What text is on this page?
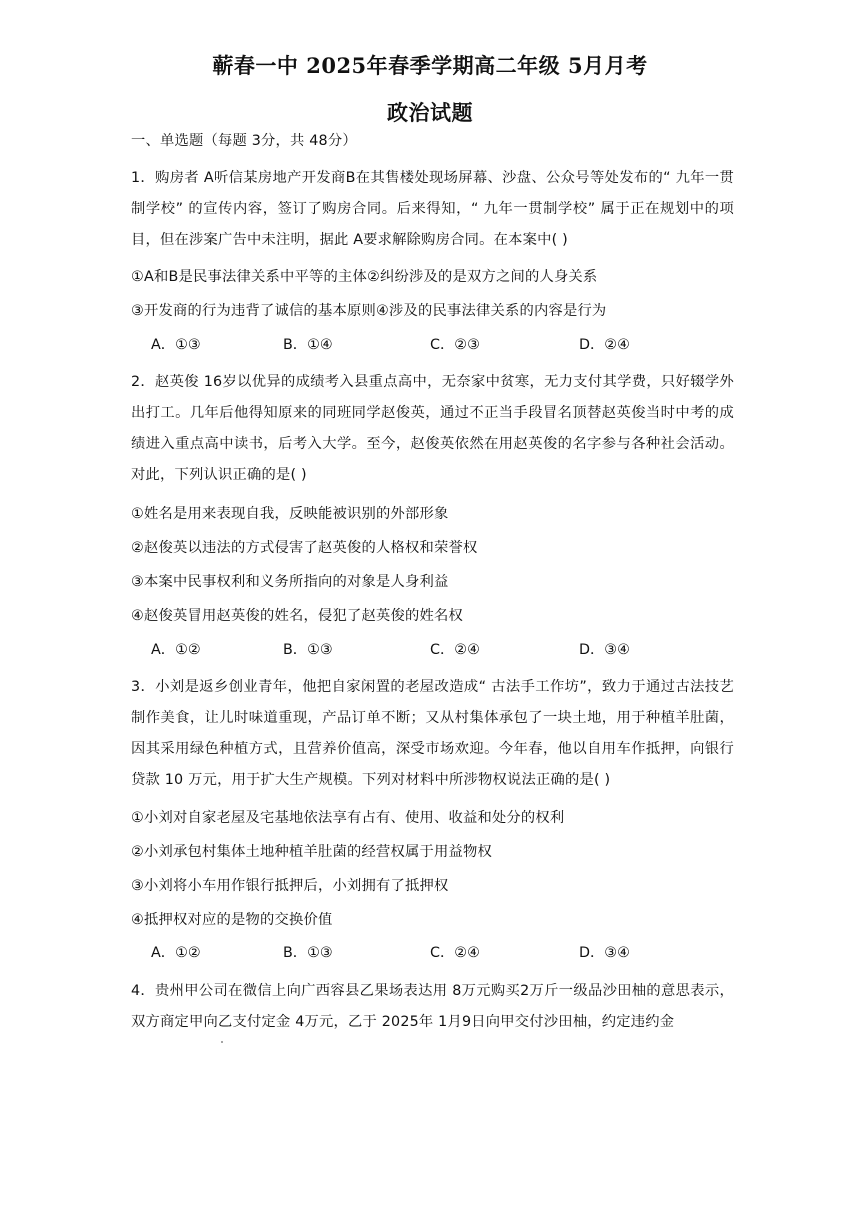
蕲春一中 2025年春季学期高二年级 5月月考
政治试题
一、单选题（每题 3分，共 48分）
1．购房者 A听信某房地产开发商B在其售楼处现场屏幕、沙盘、公众号等处发布的“ 九年一贯制学校” 的宣传内容，签订了购房合同。后来得知，“ 九年一贯制学校” 属于正在规划中的项目，但在涉案广告中未注明，据此 A要求解除购房合同。在本案中( )
①A和B是民事法律关系中平等的主体②纠纷涉及的是双方之间的人身关系
③开发商的行为违背了诚信的基本原则④涉及的民事法律关系的内容是行为
A．①③	B．①④	C．②③	D．②④
2．赵英俊 16岁以优异的成绩考入县重点高中，无奈家中贫寒，无力支付其学费，只好辍学外出打工。几年后他得知原来的同班同学赵俊英，通过不正当手段冒名顶替赵英俊当时中考的成绩进入重点高中读书，后考入大学。至今，赵俊英依然在用赵英俊的名字参与各种社会活动。对此，下列认识正确的是( )
①姓名是用来表现自我，反映能被识别的外部形象
②赵俊英以违法的方式侵害了赵英俊的人格权和荣誉权
③本案中民事权利和义务所指向的对象是人身利益
④赵俊英冒用赵英俊的姓名，侵犯了赵英俊的姓名权
A．①②	B．①③	C．②④	D．③④
3．小刘是返乡创业青年，他把自家闲置的老屋改造成“ 古法手工作坊”，致力于通过古法技艺制作美食，让儿时味道重现，产品订单不断；又从村集体承包了一块土地，用于种植羊肚菌，因其采用绿色种植方式，且营养价值高，深受市场欢迎。今年春，他以自用车作抵押，向银行贷款 10 万元，用于扩大生产规模。下列对材料中所涉物权说法正确的是( )
①小刘对自家老屋及宅基地依法享有占有、使用、收益和处分的权利
②小刘承包村集体土地种植羊肚菌的经营权属于用益物权
③小刘将小车用作银行抵押后，小刘拥有了抵押权
④抵押权对应的是物的交换价值
A．①②	B．①③	C．②④	D．③④
4．贵州甲公司在微信上向广西容县乙果场表达用 8万元购买2万斤一级品沙田柚的意思表示，双方商定甲向乙支付定金 4万元，乙于 2025年 1月9日向甲交付沙田柚，约定违约金
